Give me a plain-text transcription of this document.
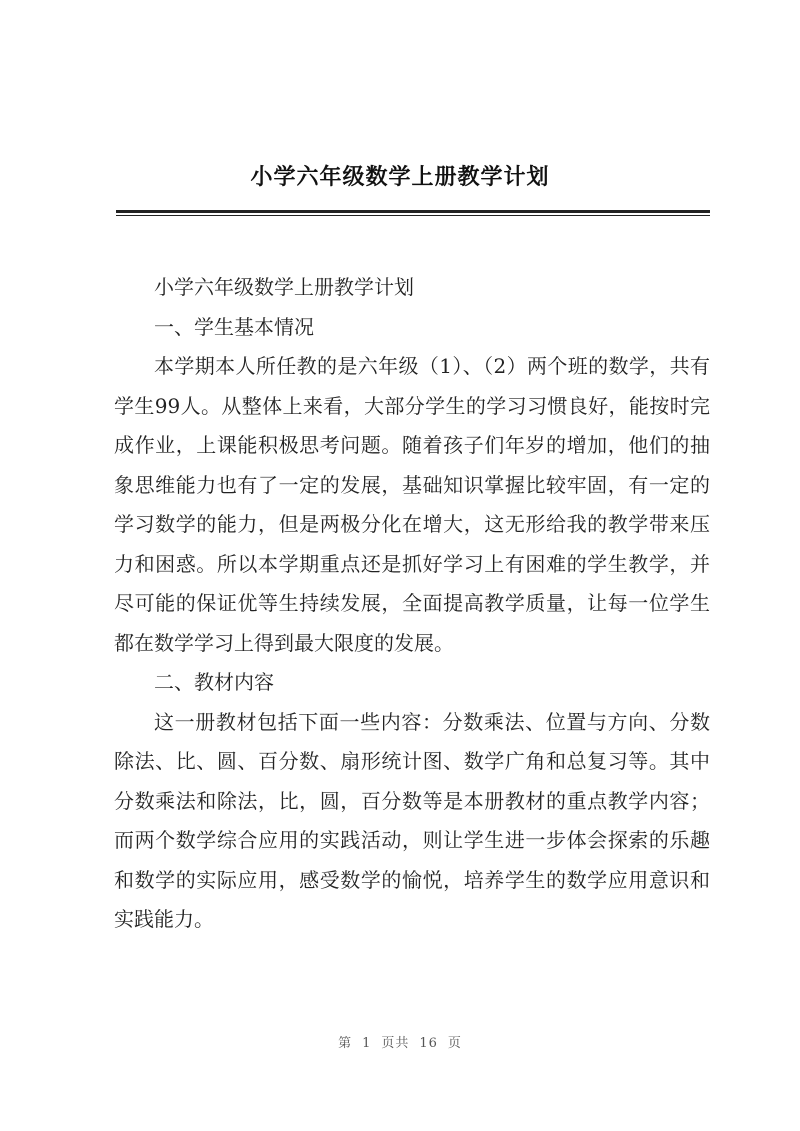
小学六年级数学上册教学计划

小学六年级数学上册教学计划

一、学生基本情况

本学期本人所任教的是六年级（1）、（2）两个班的数学，共有学生99人。从整体上来看，大部分学生的学习习惯良好，能按时完成作业，上课能积极思考问题。随着孩子们年岁的增加，他们的抽象思维能力也有了一定的发展，基础知识掌握比较牢固，有一定的学习数学的能力，但是两极分化在增大，这无形给我的教学带来压力和困惑。所以本学期重点还是抓好学习上有困难的学生教学，并尽可能的保证优等生持续发展，全面提高教学质量，让每一位学生都在数学学习上得到最大限度的发展。

二、教材内容

这一册教材包括下面一些内容：分数乘法、位置与方向、分数除法、比、圆、百分数、扇形统计图、数学广角和总复习等。其中分数乘法和除法，比，圆，百分数等是本册教材的重点教学内容；而两个数学综合应用的实践活动，则让学生进一步体会探索的乐趣和数学的实际应用，感受数学的愉悦，培养学生的数学应用意识和实践能力。

第 1 页共 16 页
